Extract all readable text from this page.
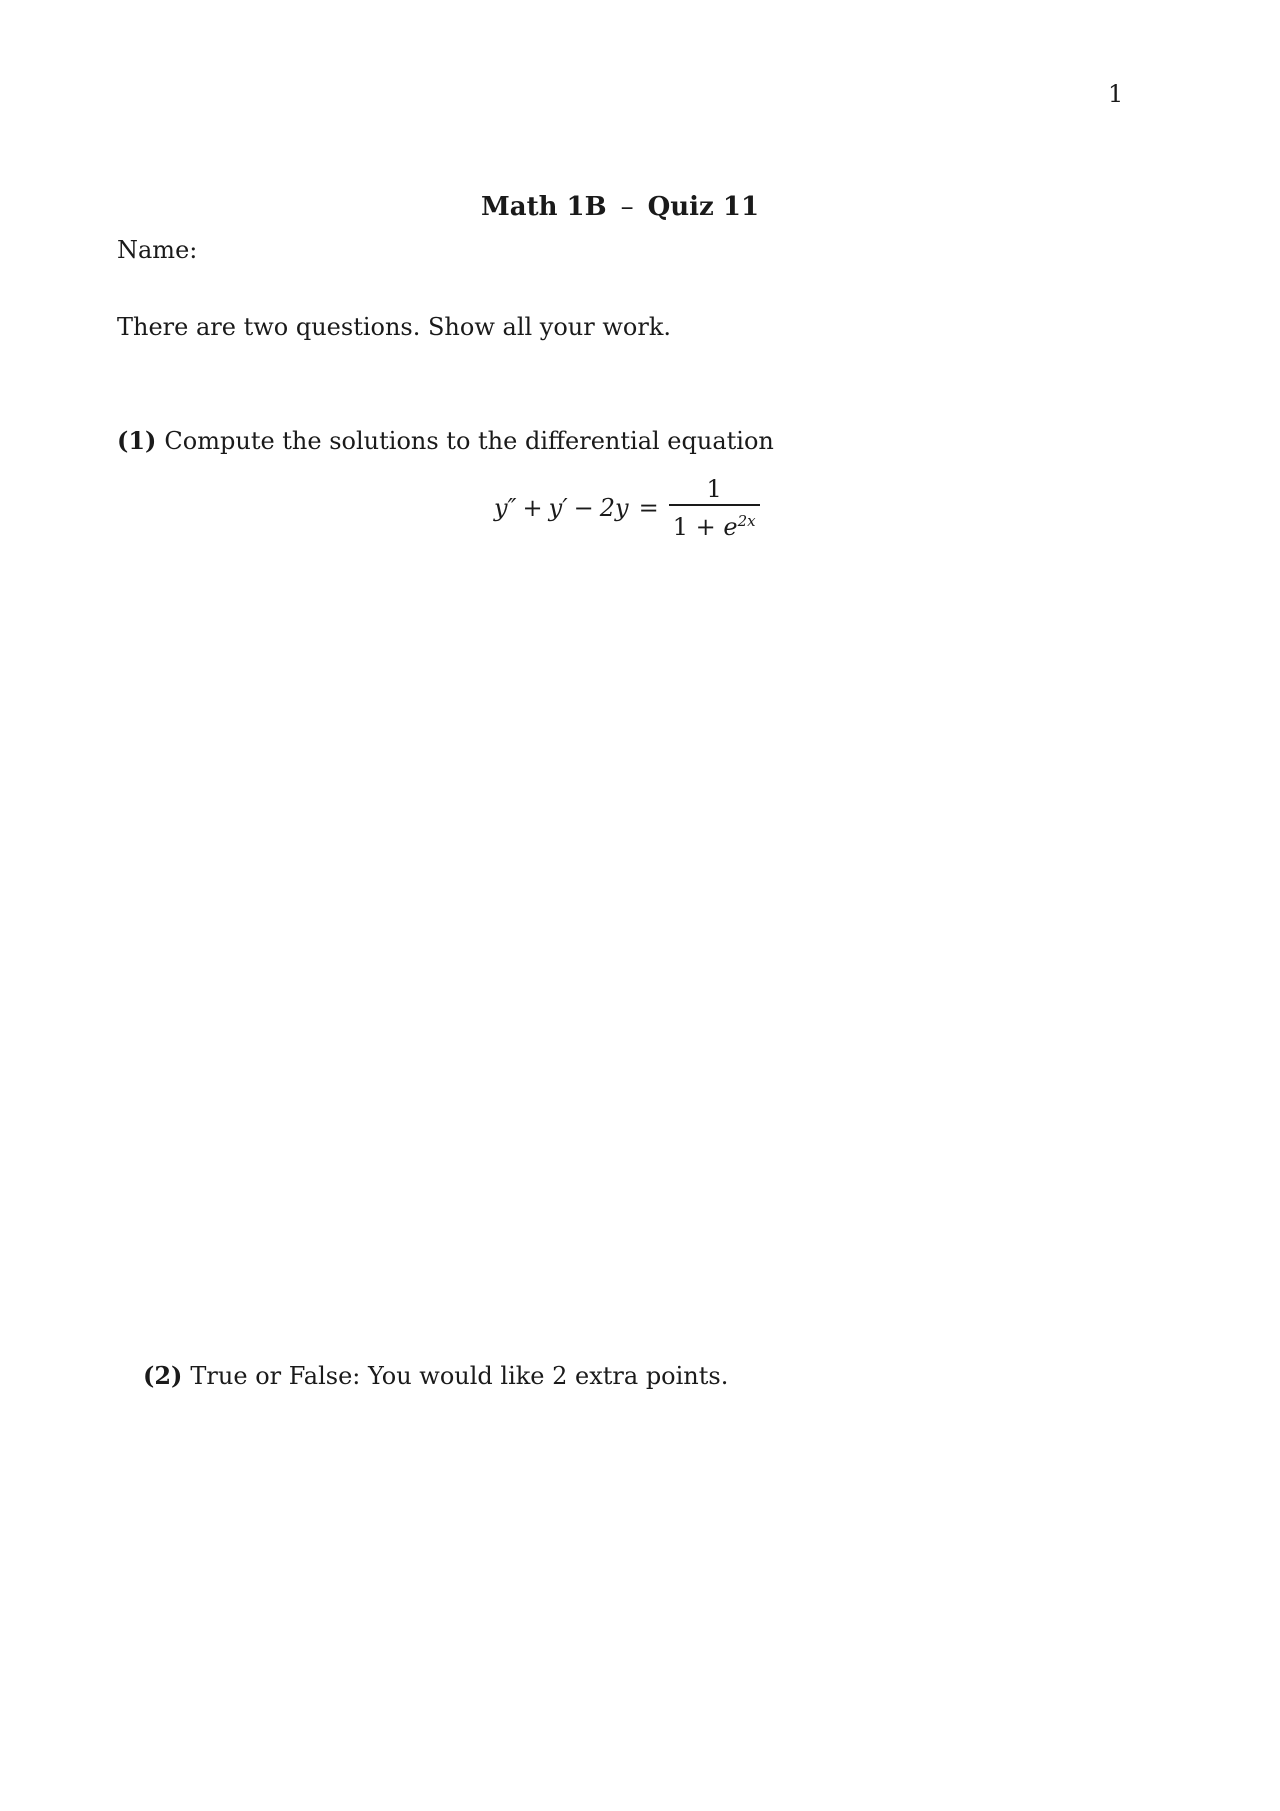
1
Math 1B – Quiz 11
Name:
There are two questions. Show all your work.
(1) Compute the solutions to the differential equation
$y'' + y' - 2y = \frac{1}{1 + e^{2x}}$
(2) True or False: You would like 2 extra points.
